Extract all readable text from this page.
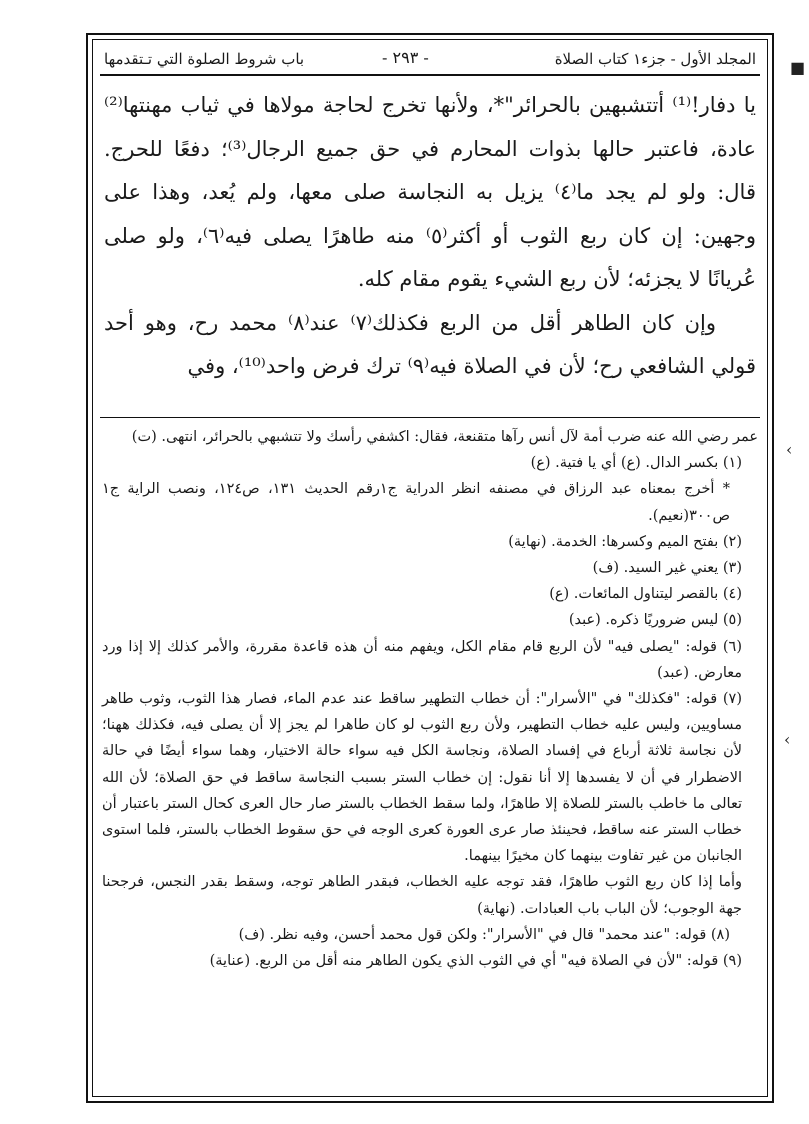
المجلد الأول - جزء١ كتاب الصلاة
- ٢٩٣ -
باب شروط الصلوة التي تـتقدمها

يا دفار!⁽¹⁾ أتتشبهين بالحرائر"*، ولأنها تخرج لحاجة مولاها في ثياب مهنتها⁽²⁾ عادة، فاعتبر حالها بذوات المحارم في حق جميع الرجال⁽³⁾؛ دفعًا للحرج. قال: ولو لم يجد ما⁽٤⁾ يزيل به النجاسة صلى معها، ولم يُعد، وهذا على وجهين: إن كان ربع الثوب أو أكثر⁽٥⁾ منه طاهرًا يصلى فيه⁽٦⁾، ولو صلى عُريانًا لا يجزئه؛ لأن ربع الشيء يقوم مقام كله.

وإن كان الطاهر أقل من الربع فكذلك⁽٧⁾ عند⁽٨⁾ محمد رح، وهو أحد قولي الشافعي رح؛ لأن في الصلاة فيه⁽٩⁾ ترك فرض واحد⁽¹⁰⁾، وفي

عمر رضي الله عنه ضرب أمة لآل أنس رآها متقنعة، فقال: اكشفي رأسك ولا تتشبهي بالحرائر، انتهى. (ت)

(١) بكسر الدال. (ع) أي يا فتية. (ع)

* أخرج بمعناه عبد الرزاق في مصنفه انظر الدراية ج١رقم الحديث ١٣١، ص١٢٤، ونصب الراية ج١ ص٣٠٠(نعيم).

(٢) بفتح الميم وكسرها: الخدمة. (نهاية)

(٣) يعني غير السيد. (ف)

(٤) بالقصر ليتناول المائعات. (ع)

(٥) ليس ضروريًا ذكره. (عبد)

(٦) قوله: "يصلى فيه" لأن الربع قام مقام الكل، ويفهم منه أن هذه قاعدة مقررة، والأمر كذلك إلا إذا ورد معارض. (عبد)

(٧) قوله: "فكذلك" في "الأسرار": أن خطاب التطهير ساقط عند عدم الماء، فصار هذا الثوب، وثوب طاهر مساويين، وليس عليه خطاب التطهير، ولأن ربع الثوب لو كان طاهرا لم يجز إلا أن يصلى فيه، فكذلك ههنا؛ لأن نجاسة ثلاثة أرباع في إفساد الصلاة، ونجاسة الكل فيه سواء حالة الاختيار، وهما سواء أيضًا في حالة الاضطرار في أن لا يفسدها إلا أنا نقول: إن خطاب الستر بسبب النجاسة ساقط في حق الصلاة؛ لأن الله تعالى ما خاطب بالستر للصلاة إلا طاهرًا، ولما سقط الخطاب بالستر صار حال العرى كحال الستر باعتبار أن خطاب الستر عنه ساقط، فحينئذ صار عرى العورة كعرى الوجه في حق سقوط الخطاب بالستر، فلما استوى الجانبان من غير تفاوت بينهما كان مخيرًا بينهما.

وأما إذا كان ربع الثوب طاهرًا، فقد توجه عليه الخطاب، فبقدر الطاهر توجه، وسقط بقدر النجس، فرجحنا جهة الوجوب؛ لأن الباب باب العبادات. (نهاية)

(٨) قوله: "عند محمد" قال في "الأسرار": ولكن قول محمد أحسن، وفيه نظر. (ف)

(٩) قوله: "لأن في الصلاة فيه" أي في الثوب الذي يكون الطاهر منه أقل من الربع. (عناية)

‹
‹
■
